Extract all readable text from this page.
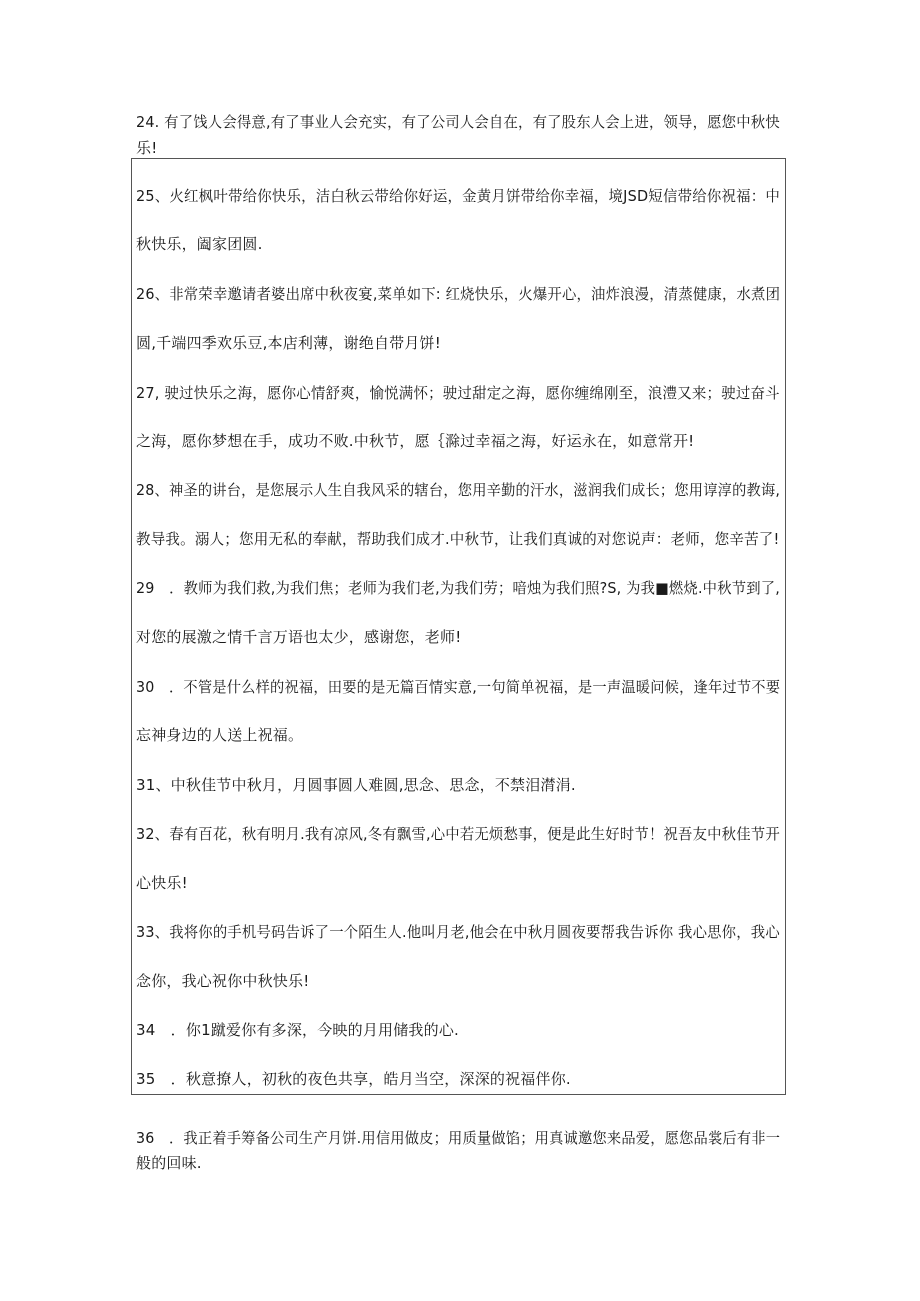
24. 有了饯人会得意,有了事业人会充实，有了公司人会自在，有了股东人会上进，领导，愿您中秋快
乐!
25、火红枫叶带给你快乐，洁白秋云带给你好运，金黄月饼带给你幸福，境JSD短信带给你祝福：中
秋快乐，阖家团圆.
26、非常荣幸邀请者婆出席中秋夜宴,菜单如下: 红烧快乐，火爆开心，油炸浪漫，清蒸健康，水煮团
圆,千端四季欢乐豆,本店利薄，谢绝自带月饼!
27, 驶过快乐之海，愿你心情舒爽，愉悦满怀；驶过甜定之海，愿你缠绵刚至，浪澧又来；驶过奋斗
之海，愿你梦想在手，成功不败.中秋节，愿｛滁过幸福之海，好运永在，如意常开!
28、神圣的讲台，是您展示人生自我风采的辖台，您用辛勤的汗水，滋润我们成长；您用谆淳的教诲,
教导我。溺人；您用无私的奉献，帮助我们成才.中秋节，让我们真诚的对您说声：老师，您辛苦了!
29　．教师为我们救,为我们焦；老师为我们老,为我们劳；喑烛为我们照?S, 为我■燃烧.中秋节到了,
对您的展激之情千言万语也太少，感谢您，老师!
30　．不管是什么样的祝福，田要的是无篇百情实意,一句简单祝福，是一声温暖问候，逢年过节不要
忘神身边的人送上祝福。
31、中秋佳节中秋月，月圆事圆人难圆,思念、思念，不禁泪潸涓.
32、春有百花，秋有明月.我有凉风,冬有飘雪,心中若无烦愁事，便是此生好时节！祝吾友中秋佳节开
心快乐!
33、我将你的手机号码告诉了一个陌生人.他叫月老,他会在中秋月圆夜要帮我告诉你 我心思你，我心
念你，我心祝你中秋快乐!
34　．你1蹴爱你有多深，今映的月用储我的心.
35　．秋意撩人，初秋的夜色共享，皓月当空，深深的祝福伴你.
36　．我正着手筹备公司生产月饼.用信用做皮；用质量做馅；用真诚邀您来品爱，愿您品裳后有非一
般的回味.
